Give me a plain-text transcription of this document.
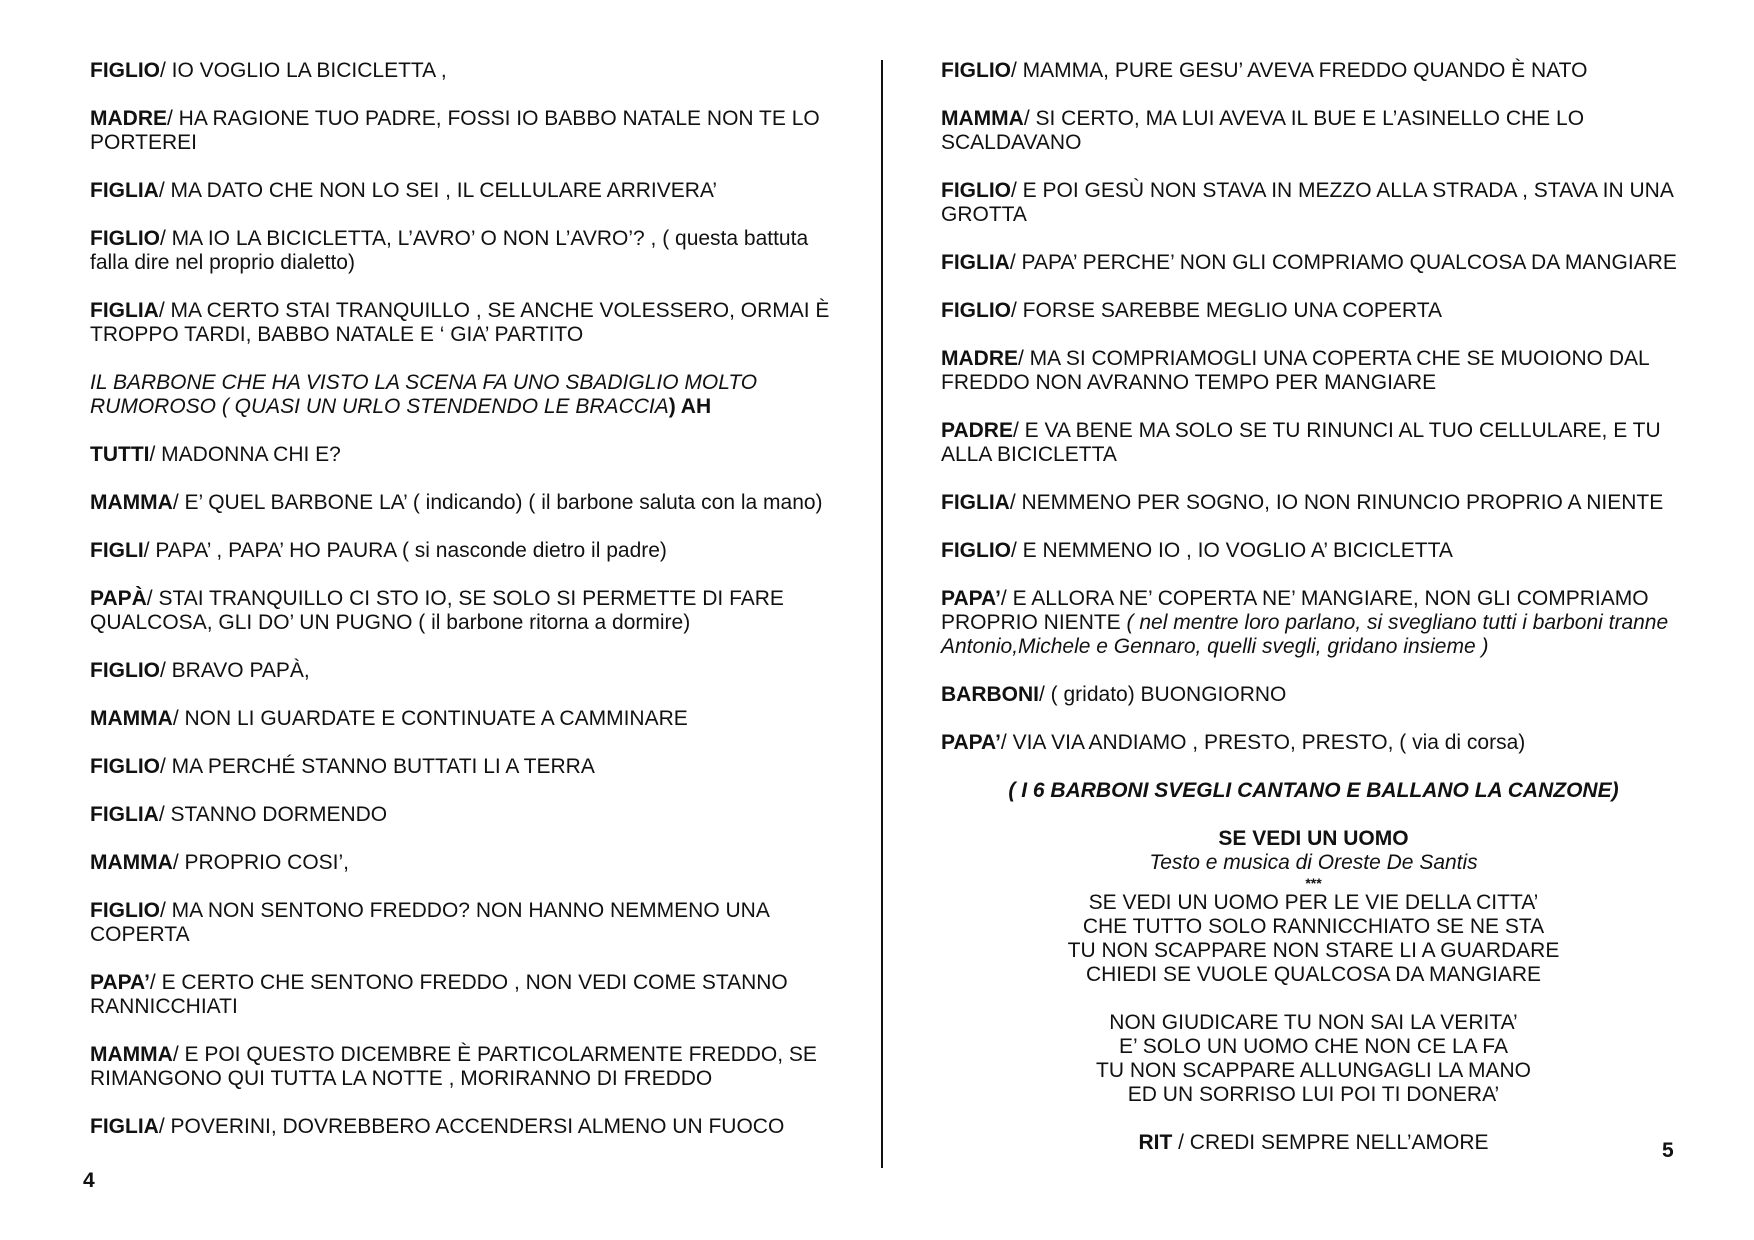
FIGLIO/ IO VOGLIO LA BICICLETTA ,

MADRE/ HA RAGIONE TUO PADRE, FOSSI IO BABBO NATALE NON TE LO PORTEREI

FIGLIA/ MA DATO CHE NON LO SEI , IL CELLULARE ARRIVERA’

FIGLIO/ MA IO LA BICICLETTA, L’AVRO’ O NON L’AVRO’? , ( questa battuta falla dire nel proprio dialetto)

FIGLIA/ MA CERTO STAI TRANQUILLO , SE ANCHE VOLESSERO, ORMAI È TROPPO TARDI, BABBO NATALE E ‘ GIA’ PARTITO

IL BARBONE CHE HA VISTO LA SCENA FA UNO SBADIGLIO MOLTO RUMOROSO ( QUASI UN URLO STENDENDO LE BRACCIA) AH

TUTTI/ MADONNA CHI E?

MAMMA/ E’ QUEL BARBONE LA’ ( indicando) ( il barbone saluta con la mano)

FIGLI/ PAPA’ , PAPA’ HO PAURA ( si nasconde dietro il padre)

PAPÀ/ STAI TRANQUILLO CI STO IO, SE SOLO SI PERMETTE DI FARE QUALCOSA, GLI DO’ UN PUGNO ( il barbone ritorna a dormire)

FIGLIO/ BRAVO PAPÀ,

MAMMA/ NON LI GUARDATE E CONTINUATE A CAMMINARE

FIGLIO/ MA PERCHÉ STANNO BUTTATI LI A TERRA

FIGLIA/ STANNO DORMENDO

MAMMA/ PROPRIO COSI’,

FIGLIO/ MA NON SENTONO FREDDO? NON HANNO NEMMENO UNA COPERTA

PAPA’/ E CERTO CHE SENTONO FREDDO , NON VEDI COME STANNO RANNICCHIATI

MAMMA/ E POI QUESTO DICEMBRE È PARTICOLARMENTE FREDDO, SE RIMANGONO QUI TUTTA LA NOTTE , MORIRANNO DI FREDDO

FIGLIA/ POVERINI, DOVREBBERO ACCENDERSI ALMENO UN FUOCO

4

FIGLIO/ MAMMA, PURE GESU’ AVEVA FREDDO QUANDO È NATO

MAMMA/ SI CERTO, MA LUI AVEVA IL BUE E L’ASINELLO CHE LO SCALDAVANO

FIGLIO/ E POI GESÙ NON STAVA IN MEZZO ALLA STRADA , STAVA IN UNA GROTTA

FIGLIA/ PAPA’ PERCHE’ NON GLI COMPRIAMO QUALCOSA DA MANGIARE

FIGLIO/ FORSE SAREBBE MEGLIO UNA COPERTA

MADRE/ MA SI COMPRIAMOGLI UNA COPERTA CHE SE MUOIONO DAL FREDDO NON AVRANNO TEMPO PER MANGIARE

PADRE/ E VA BENE MA SOLO SE TU RINUNCI AL TUO CELLULARE, E TU ALLA BICICLETTA

FIGLIA/ NEMMENO PER SOGNO, IO NON RINUNCIO PROPRIO A NIENTE

FIGLIO/ E NEMMENO IO , IO VOGLIO A’ BICICLETTA

PAPA’/ E ALLORA NE’ COPERTA NE’ MANGIARE, NON GLI COMPRIAMO PROPRIO NIENTE ( nel mentre loro parlano, si svegliano tutti i barboni tranne Antonio,Michele e Gennaro, quelli svegli, gridano insieme )

BARBONI/ ( gridato) BUONGIORNO

PAPA’/ VIA VIA ANDIAMO , PRESTO, PRESTO, ( via di corsa)

( I 6 BARBONI SVEGLI CANTANO E BALLANO LA CANZONE)

SE VEDI UN UOMO
Testo e musica di Oreste De Santis
***
SE VEDI UN UOMO PER LE VIE DELLA CITTA’
CHE TUTTO SOLO RANNICCHIATO SE NE STA
TU NON SCAPPARE NON STARE LI A GUARDARE
CHIEDI SE VUOLE QUALCOSA DA MANGIARE
NON GIUDICARE TU NON SAI LA VERITA’
E’ SOLO UN UOMO CHE NON CE LA FA
TU NON SCAPPARE ALLUNGAGLI LA MANO
ED UN SORRISO LUI POI TI DONERA’
RIT / CREDI SEMPRE NELL’AMORE	5
